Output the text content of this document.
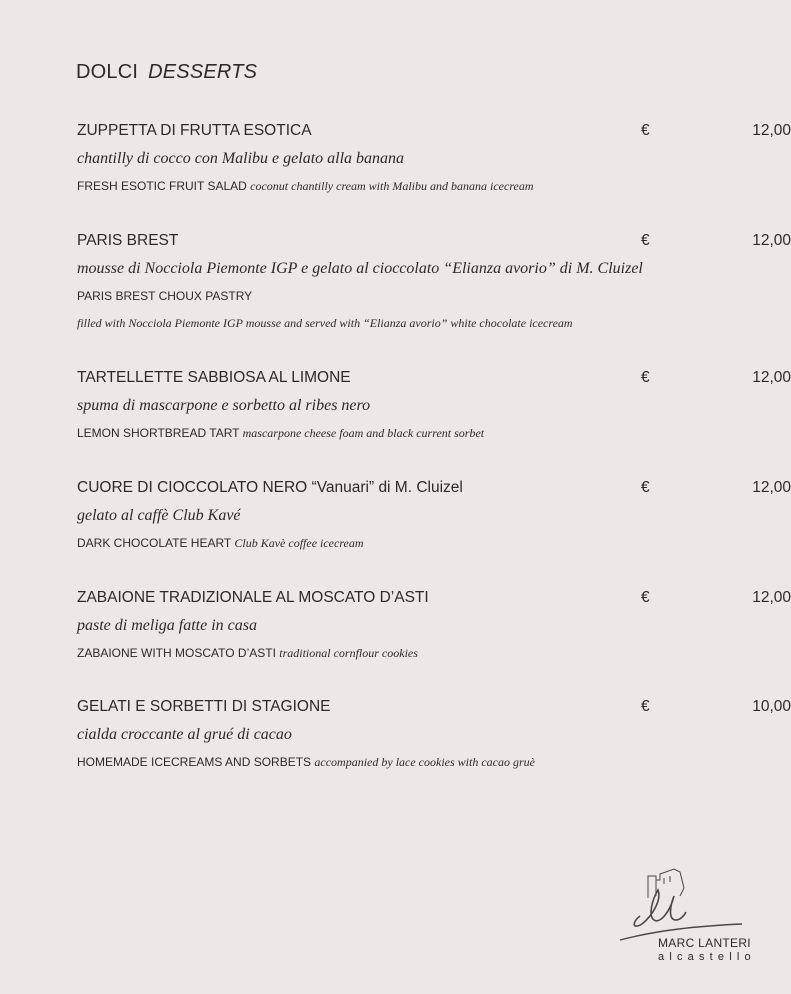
DOLCI DESSERTS
ZUPPETTA DI FRUTTA ESOTICA
chantilly di cocco con Malibu e gelato alla banana
FRESH ESOTIC FRUIT SALAD coconut chantilly cream with Malibu and banana icecream
€	12,00
PARIS BREST
mousse di Nocciola Piemonte IGP e gelato al cioccolato “Elianza avorio” di M. Cluizel
PARIS BREST CHOUX PASTRY
filled with Nocciola Piemonte IGP mousse and served with “Elianza avorio” white chocolate icecream
€	12,00
TARTELLETTE SABBIOSA AL LIMONE
spuma di mascarpone e sorbetto al ribes nero
LEMON SHORTBREAD TART mascarpone cheese foam and black current sorbet
€	12,00
CUORE DI CIOCCOLATO NERO “Vanuari” di M. Cluizel
gelato al caffè Club Kavé
DARK CHOCOLATE HEART Club Kavè coffee icecream
€	12,00
ZABAIONE TRADIZIONALE AL MOSCATO D’ASTI
paste di meliga fatte in casa
ZABAIONE WITH MOSCATO D’ASTI traditional cornflour cookies
€	12,00
GELATI E SORBETTI DI STAGIONE
cialda croccante al grué di cacao
HOMEMADE ICECREAMS AND SORBETS accompanied by lace cookies with cacao gruè
€	10,00
MARC LANTERI
alcastello
